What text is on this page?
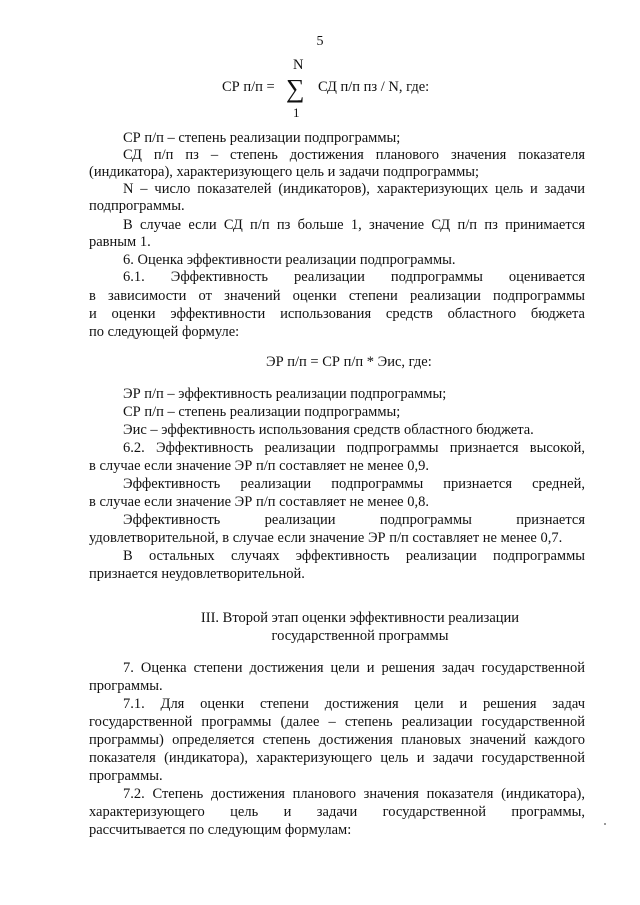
5
СР п/п =
N
∑
1
СД п/п пз / N, где:
СР п/п – степень реализации подпрограммы;
СД п/п пз – степень достижения планового значения показателя
(индикатора), характеризующего цель и задачи подпрограммы;
N – число показателей (индикаторов), характеризующих цель и задачи
подпрограммы.
В случае если СД п/п пз больше 1, значение СД п/п пз принимается
равным 1.
6. Оценка эффективности реализации подпрограммы.
6.1. Эффективность реализации подпрограммы оценивается
в зависимости от значений оценки степени реализации подпрограммы
и оценки эффективности использования средств областного бюджета
по следующей формуле:
ЭР п/п = СР п/п * Эис, где:
ЭР п/п – эффективность реализации подпрограммы;
СР п/п – степень реализации подпрограммы;
Эис – эффективность использования средств областного бюджета.
6.2. Эффективность реализации подпрограммы признается высокой,
в случае если значение ЭР п/п составляет не менее 0,9.
Эффективность реализации подпрограммы признается средней,
в случае если значение ЭР п/п составляет не менее 0,8.
Эффективность реализации подпрограммы признается
удовлетворительной, в случае если значение ЭР п/п составляет не менее 0,7.
В остальных случаях эффективность реализации подпрограммы
признается неудовлетворительной.
III. Второй этап оценки эффективности реализации
государственной программы
7. Оценка степени достижения цели и решения задач государственной
программы.
7.1. Для оценки степени достижения цели и решения задач
государственной программы (далее – степень реализации государственной
программы) определяется степень достижения плановых значений каждого
показателя (индикатора), характеризующего цель и задачи государственной
программы.
7.2. Степень достижения планового значения показателя (индикатора),
характеризующего цель и задачи государственной программы,
рассчитывается по следующим формулам:
